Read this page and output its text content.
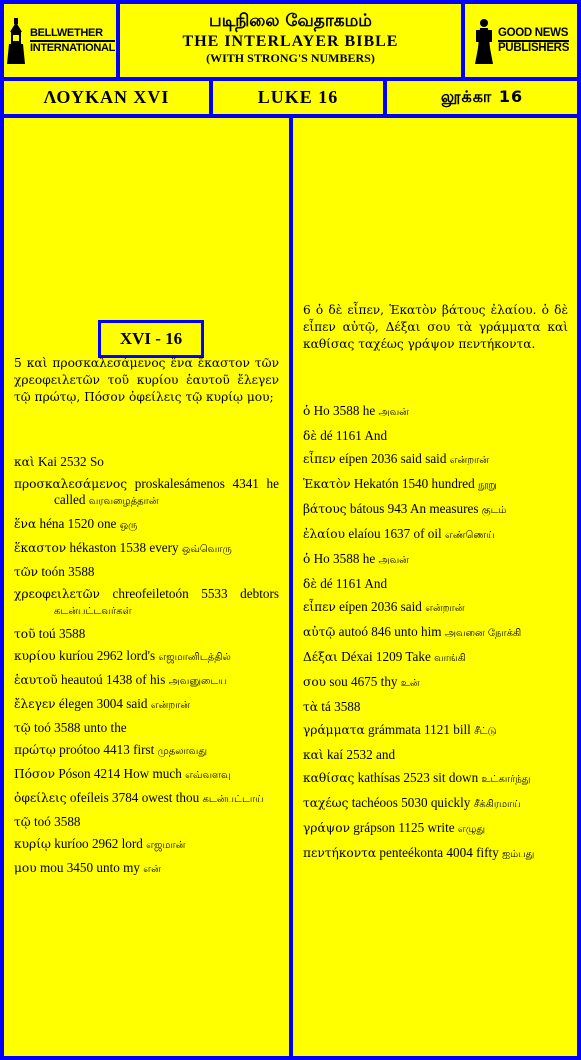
BELLWETHER
INTERNATIONAL
படிநிலை வேதாகமம்
THE INTERLAYER BIBLE
(WITH STRONG'S NUMBERS)
GOOD NEWS
PUBLISHERS
ΛΟΥΚΑΝ XVI	LUKE 16	லூக்கா 16
XVI - 16
5 καὶ προσκαλεσάμενος ἕνα ἕκαστον τῶν χρεοφειλετῶν τοῦ κυρίου ἑαυτοῦ ἔλεγεν τῷ πρώτῳ, Πόσον ὀφείλεις τῷ κυρίῳ μου;

καὶ Kai 2532 So

προσκαλεσάμενος proskalesámenos 4341 he called வரவழைத்தான்

ἕνα héna 1520 one ஒரு

ἕκαστον hékaston 1538 every ஒவ்வொரு

τῶν toón 3588

χρεοφειλετῶν chreofeiletoón 5533 debtors கடன்பட்டவர்கள்

τοῦ toú 3588

κυρίου kuríou 2962 lord's எஜமானிடத்தில்

ἑαυτοῦ heautoú 1438 of his அவனுடைய

ἔλεγεν élegen 3004 said என்றான்

τῷ toó 3588 unto the

πρώτῳ proótoo 4413 first முதலாவது

Πόσον Póson 4214 How much எவ்வளவு

ὀφείλεις ofeíleis 3784 owest thou கடன்பட்டாய்

τῷ toó 3588

κυρίῳ kuríoo 2962 lord எஜமான்

μου mou 3450 unto my என்

6 ὁ δὲ εἶπεν, Ἑκατὸν βάτους ἐλαίου. ὁ δὲ εἶπεν αὐτῷ, Δέξαι σου τὰ γράμματα καὶ καθίσας ταχέως γράψον πεντήκοντα.

ὁ Ho 3588 he அவன்

δὲ dé 1161 And

εἶπεν eípen 2036 said said என்றான்

Ἑκατὸν Hekatón 1540 hundred நூறு

βάτους bátous 943 An measures குடம்

ἐλαίου elaíou 1637 of oil எண்ணெய்

ὁ Ho 3588 he அவன்

δὲ dé 1161 And

εἶπεν eípen 2036 said என்றான்

αὐτῷ autoó 846 unto him அவனை நோக்கி

Δέξαι Déxai 1209 Take வாங்கி

σου sou 4675 thy உன்

τὰ tá 3588

γράμματα grámmata 1121 bill சீட்டு

καὶ kaí 2532 and

καθίσας kathísas 2523 sit down உட்கார்ந்து

ταχέως tachéoos 5030 quickly சீக்கிரமாய்

γράψον grápson 1125 write எழுது

πεντήκοντα penteékonta 4004 fifty ஐம்பது
